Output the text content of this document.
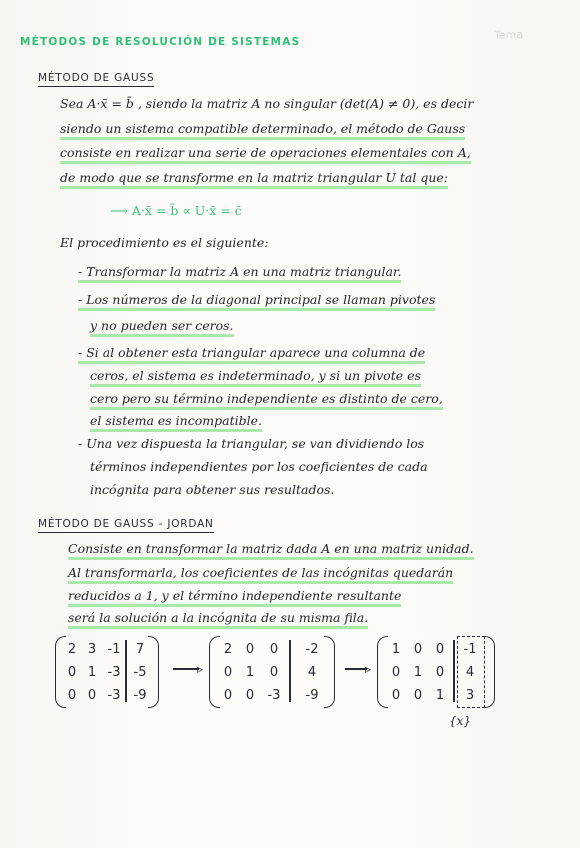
Tema
MÉTODOS DE RESOLUCIÓN DE SISTEMAS
MÉTODO DE GAUSS
Sea A·x̄ = b̄ , siendo la matriz A no singular (det(A) ≠ 0), es decir
siendo un sistema compatible determinado, el método de Gauss
consiste en realizar una serie de operaciones elementales con A,
de modo que se transforme en la matriz triangular U tal que:
⟶ A·x̄ = b̄ ∝ U·x̄ = c̄
El procedimiento es el siguiente:
- Transformar la matriz A en una matriz triangular.
- Los números de la diagonal principal se llaman pivotes
y no pueden ser ceros.
- Si al obtener esta triangular aparece una columna de
ceros, el sistema es indeterminado, y si un pivote es
cero pero su término independiente es distinto de cero,
el sistema es incompatible.
- Una vez dispuesta la triangular, se van dividiendo los
términos independientes por los coeficientes de cada
incógnita para obtener sus resultados.
MÉTODO DE GAUSS - JORDAN
Consiste en transformar la matriz dada A en una matriz unidad.
Al transformarla, los coeficientes de las incógnitas quedarán
reducidos a 1, y el término independiente resultante
será la solución a la incógnita de su misma fila.
2 3 -1	7
0 1 -3	-5
0 0 -3	-9
▹
2	0	0	-2
0	1	0	4
0	0	-3	-9
▹
1	0	0	-1
0	1	0	4
0	0	1	3
{x}
